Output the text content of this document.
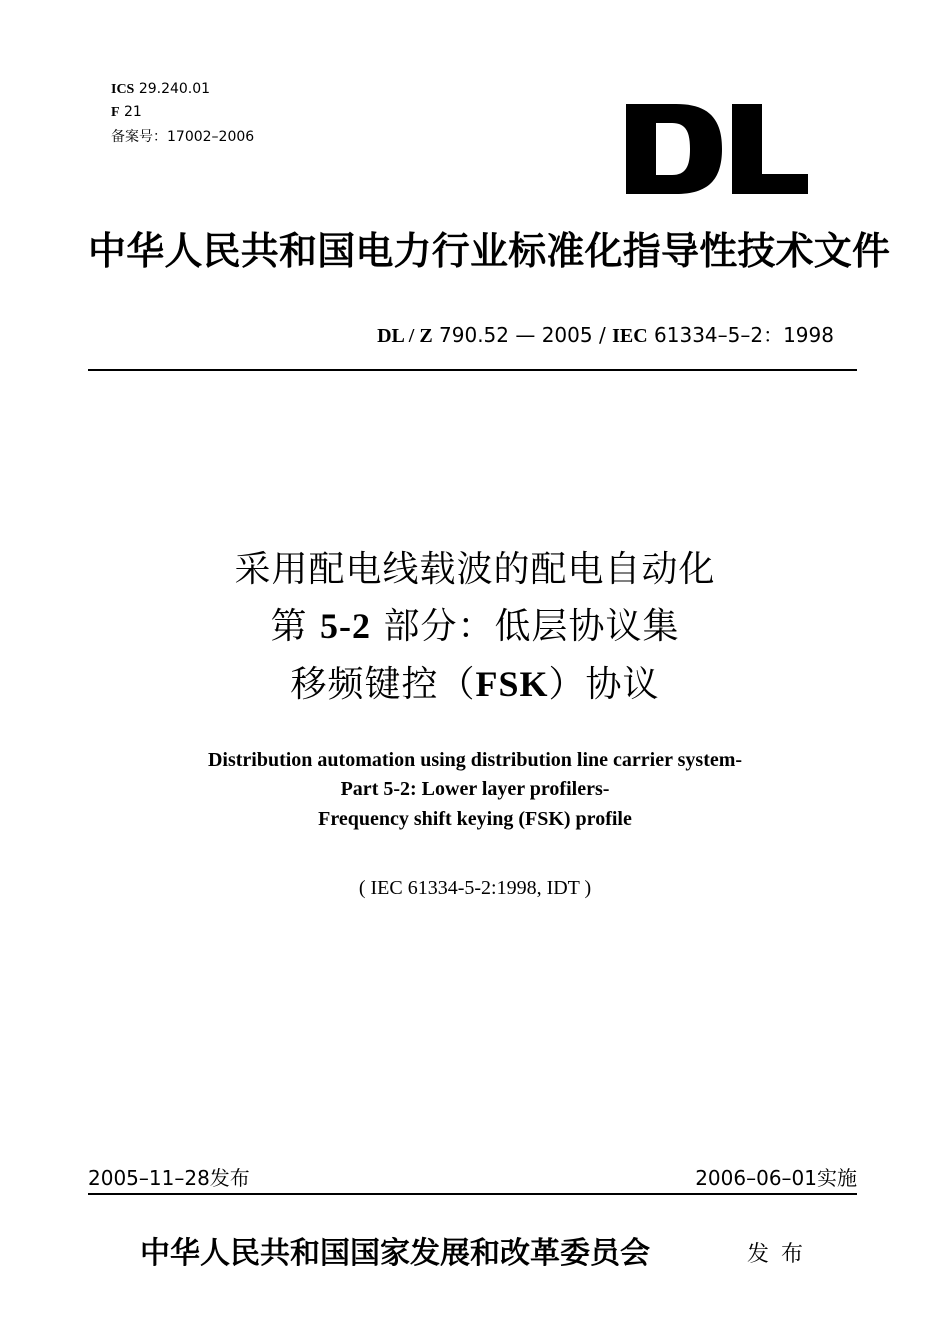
ICS 29.240.01
F 21
备案号：17002–2006
中华人民共和国电力行业标准化指导性技术文件
DL / Z 790.52 — 2005 / IEC 61334–5–2：1998
采用配电线载波的配电自动化
第 5-2 部分：低层协议集
移频键控（FSK）协议
Distribution automation using distribution line carrier system-
Part 5-2: Lower layer profilers-
Frequency shift keying (FSK) profile
( IEC 61334-5-2:1998, IDT )
2005–11–28发布	2006–06–01实施
中华人民共和国国家发展和改革委员会	发布
